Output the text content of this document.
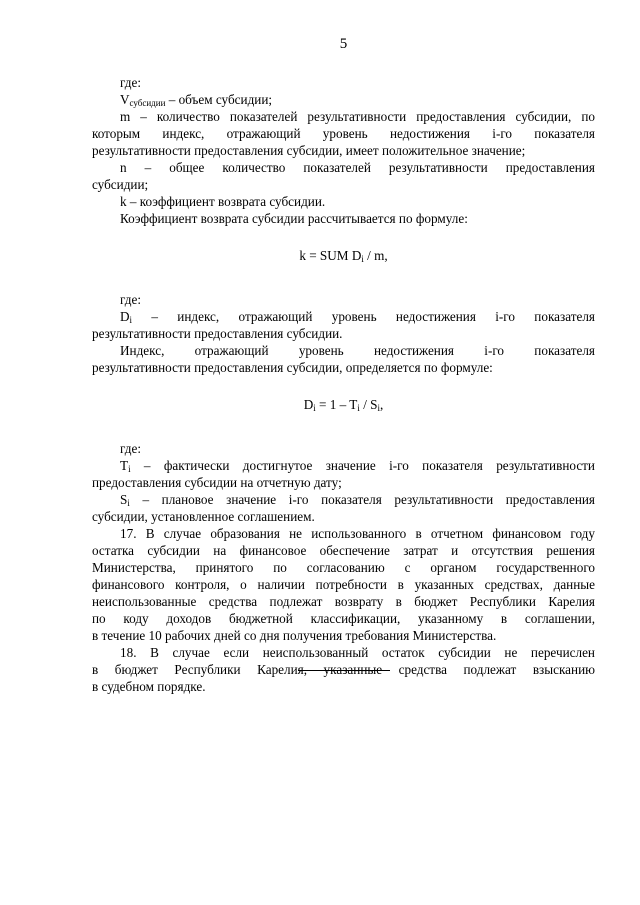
5
где:
$V_{субсидии}$ – объем субсидии;
m – количество показателей результативности предоставления субсидии, по
которым индекс, отражающий уровень недостижения i-го показателя
результативности предоставления субсидии, имеет положительное значение;
n – общее количество показателей результативности предоставления
субсидии;
k – коэффициент возврата субсидии.
Коэффициент возврата субсидии рассчитывается по формуле:
k = SUM $D_i$ / m,
где:
$D_i$ – индекс, отражающий уровень недостижения i-го показателя
результативности предоставления субсидии.
Индекс, отражающий уровень недостижения i-го показателя
результативности предоставления субсидии, определяется по формуле:
$D_i = 1 - T_i / S_i$,
где:
$T_i$ – фактически достигнутое значение i-го показателя результативности
предоставления субсидии на отчетную дату;
$S_i$ – плановое значение i-го показателя результативности предоставления
субсидии, установленное соглашением.
17. В случае образования не использованного в отчетном финансовом году
остатка субсидии на финансовое обеспечение затрат и отсутствия решения
Министерства, принятого по согласованию с органом государственного
финансового контроля, о наличии потребности в указанных средствах, данные
неиспользованные средства подлежат возврату в бюджет Республики Карелия
по коду доходов бюджетной классификации, указанному в соглашении,
в течение 10 рабочих дней со дня получения требования Министерства.
18. В случае если неиспользованный остаток субсидии не перечислен
в бюджет Республики Карелия, указанные средства подлежат взысканию
в судебном порядке.
